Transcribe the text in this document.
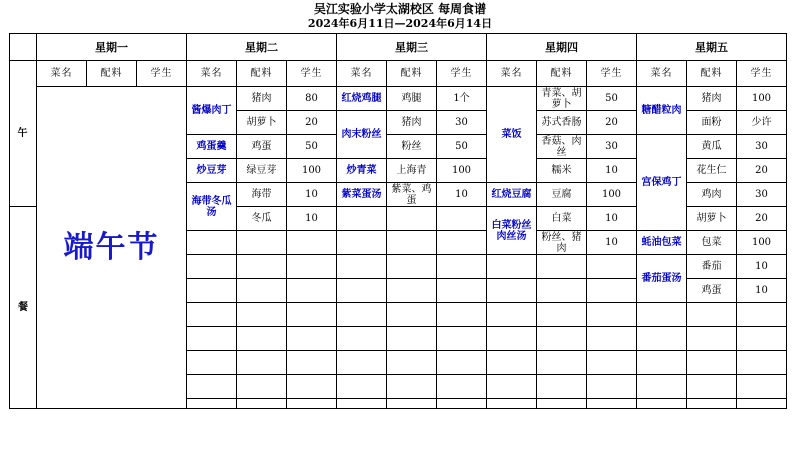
吴江实验小学太湖校区 每周食谱
2024年6月11日—2024年6月14日
	星期一			星期二			星期三			星期四			星期五		
午	菜名	配料	学生	菜名	配料	学生	菜名	配料	学生	菜名	配料	学生	菜名	配料	学生
	端午节			酱爆肉丁	猪肉	80	红烧鸡腿	鸡腿	1个	菜饭	青菜、胡萝卜	50	糖醋粒肉	猪肉	100
					胡萝卜	20	肉末粉丝	猪肉	30		苏式香肠	20		面粉	少许
				鸡蛋羹	鸡蛋	50		粉丝	50		香菇、肉丝	30	宫保鸡丁	黄瓜	30
				炒豆芽	绿豆芽	100	炒青菜	上海青	100		糯米	10		花生仁	20
				海带冬瓜汤	海带	10	紫菜蛋汤	紫菜、鸡蛋	10	红烧豆腐	豆腐	100		鸡肉	30
餐					冬瓜	10				白菜粉丝肉丝汤	白菜	10		胡萝卜	20
											粉丝、猪肉	10	蚝油包菜	包菜	100
													番茄蛋汤	番茄	10
														鸡蛋	10
